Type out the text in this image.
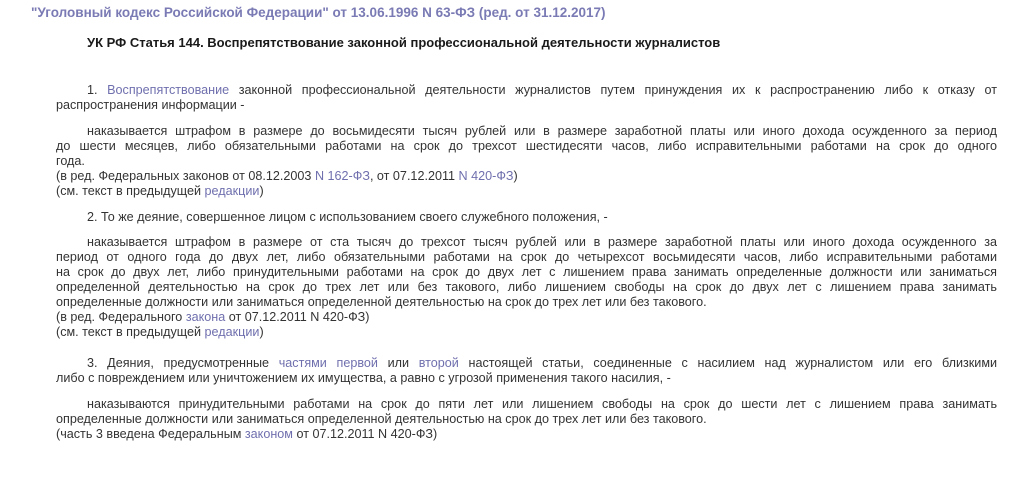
"Уголовный кодекс Российской Федерации" от 13.06.1996 N 63-ФЗ (ред. от 31.12.2017)
УК РФ Статья 144. Воспрепятствование законной профессиональной деятельности журналистов
1. Воспрепятствование законной профессиональной деятельности журналистов путем принуждения их к распространению либо к отказу от
распространения информации -
наказывается штрафом в размере до восьмидесяти тысяч рублей или в размере заработной платы или иного дохода осужденного за период
до шести месяцев, либо обязательными работами на срок до трехсот шестидесяти часов, либо исправительными работами на срок до одного
года.
(в ред. Федеральных законов от 08.12.2003 N 162-ФЗ, от 07.12.2011 N 420-ФЗ)
(см. текст в предыдущей редакции)
2. То же деяние, совершенное лицом с использованием своего служебного положения, -
наказывается штрафом в размере от ста тысяч до трехсот тысяч рублей или в размере заработной платы или иного дохода осужденного за
период от одного года до двух лет, либо обязательными работами на срок до четырехсот восьмидесяти часов, либо исправительными работами
на срок до двух лет, либо принудительными работами на срок до двух лет с лишением права занимать определенные должности или заниматься
определенной деятельностью на срок до трех лет или без такового, либо лишением свободы на срок до двух лет с лишением права занимать
определенные должности или заниматься определенной деятельностью на срок до трех лет или без такового.
(в ред. Федерального закона от 07.12.2011 N 420-ФЗ)
(см. текст в предыдущей редакции)
3. Деяния, предусмотренные частями первой или второй настоящей статьи, соединенные с насилием над журналистом или его близкими
либо с повреждением или уничтожением их имущества, а равно с угрозой применения такого насилия, -
наказываются принудительными работами на срок до пяти лет или лишением свободы на срок до шести лет с лишением права занимать
определенные должности или заниматься определенной деятельностью на срок до трех лет или без такового.
(часть 3 введена Федеральным законом от 07.12.2011 N 420-ФЗ)
